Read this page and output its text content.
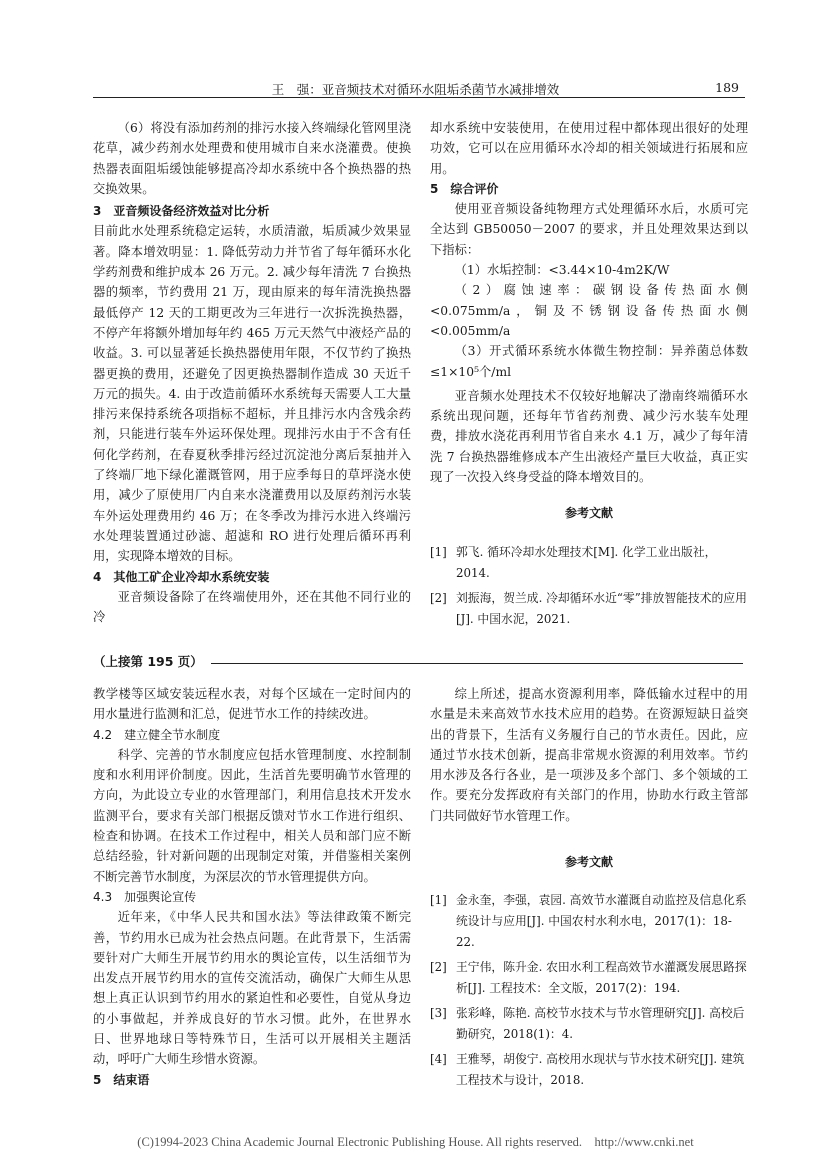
王　强：亚音频技术对循环水阻垢杀菌节水减排增效	189

（6）将没有添加药剂的排污水接入终端绿化管网里浇花草，减少药剂水处理费和使用城市自来水浇灌费。使换热器表面阻垢缓蚀能够提高冷却水系统中各个换热器的热交换效果。

3　亚音频设备经济效益对比分析

目前此水处理系统稳定运转，水质清澈，垢质减少效果显著。降本增效明显：1. 降低劳动力并节省了每年循环水化学药剂费和维护成本 26 万元。2. 减少每年清洗 7 台换热器的频率，节约费用 21 万，现由原来的每年清洗换热器最低停产 12 天的工期更改为三年进行一次拆洗换热器，不停产年将额外增加每年约 465 万元天然气中液烃产品的收益。3. 可以显著延长换热器使用年限，不仅节约了换热器更换的费用，还避免了因更换热器制作造成 30 天近千万元的损失。4. 由于改造前循环水系统每天需要人工大量排污来保持系统各项指标不超标，并且排污水内含残余药剂，只能进行装车外运环保处理。现排污水由于不含有任何化学药剂，在春夏秋季排污经过沉淀池分离后泵抽并入了终端厂地下绿化灌溉管网，用于应季每日的草坪浇水使用，减少了原使用厂内自来水浇灌费用以及原药剂污水装车外运处理费用约 46 万；在冬季改为排污水进入终端污水处理装置通过砂滤、超滤和 RO 进行处理后循环再利用，实现降本增效的目标。

4　其他工矿企业冷却水系统安装

亚音频设备除了在终端使用外，还在其他不同行业的冷

却水系统中安装使用，在使用过程中都体现出很好的处理功效，它可以在应用循环水冷却的相关领域进行拓展和应用。

5　综合评价

使用亚音频设备纯物理方式处理循环水后，水质可完全达到 GB50050－2007 的要求，并且处理效果达到以下指标：

（1）水垢控制：<3.44×10-4m2K/W

（2）腐蚀速率：碳钢设备传热面水侧<0.075mm/a，铜及不锈钢设备传热面水侧<0.005mm/a

（3）开式循环系统水体微生物控制：异养菌总体数≤1×10⁵个/ml

亚音频水处理技术不仅较好地解决了渤南终端循环水系统出现问题，还每年节省药剂费、减少污水装车处理费，排放水浇花再利用节省自来水 4.1 万，减少了每年清洗 7 台换热器维修成本产生出液烃产量巨大收益，真正实现了一次投入终身受益的降本增效目的。

参考文献

[1] 郭飞. 循环冷却水处理技术[M]. 化学工业出版社，2014.

[2] 刘振海，贺兰成. 冷却循环水近“零”排放智能技术的应用[J]. 中国水泥，2021.

（上接第 195 页）

教学楼等区域安装远程水表，对每个区域在一定时间内的用水量进行监测和汇总，促进节水工作的持续改进。

4.2　建立健全节水制度

科学、完善的节水制度应包括水管理制度、水控制制度和水利用评价制度。因此，生活首先要明确节水管理的方向，为此设立专业的水管理部门，利用信息技术开发水监测平台，要求有关部门根据反馈对节水工作进行组织、检查和协调。在技术工作过程中，相关人员和部门应不断总结经验，针对新问题的出现制定对策，并借鉴相关案例不断完善节水制度，为深层次的节水管理提供方向。

4.3　加强舆论宣传

近年来，《中华人民共和国水法》等法律政策不断完善，节约用水已成为社会热点问题。在此背景下，生活需要针对广大师生开展节约用水的舆论宣传，以生活细节为出发点开展节约用水的宣传交流活动，确保广大师生从思想上真正认识到节约用水的紧迫性和必要性，自觉从身边的小事做起，并养成良好的节水习惯。此外，在世界水日、世界地球日等特殊节日，生活可以开展相关主题活动，呼吁广大师生珍惜水资源。

5　结束语

综上所述，提高水资源利用率，降低输水过程中的用水量是未来高效节水技术应用的趋势。在资源短缺日益突出的背景下，生活有义务履行自己的节水责任。因此，应通过节水技术创新，提高非常规水资源的利用效率。节约用水涉及各行各业，是一项涉及多个部门、多个领域的工作。要充分发挥政府有关部门的作用，协助水行政主管部门共同做好节水管理工作。

参考文献

[1] 金永奎，李强，袁园. 高效节水灌溉自动监控及信息化系统设计与应用[J]. 中国农村水利水电，2017(1)：18-22.

[2] 王宁伟，陈升金. 农田水利工程高效节水灌溉发展思路探析[J]. 工程技术：全文版，2017(2)：194.

[3] 张彩峰，陈艳. 高校节水技术与节水管理研究[J]. 高校后勤研究，2018(1)：4.

[4] 王雅琴，胡俊宁. 高校用水现状与节水技术研究[J]. 建筑工程技术与设计，2018.

(C)1994-2023 China Academic Journal Electronic Publishing House. All rights reserved.    http://www.cnki.net
